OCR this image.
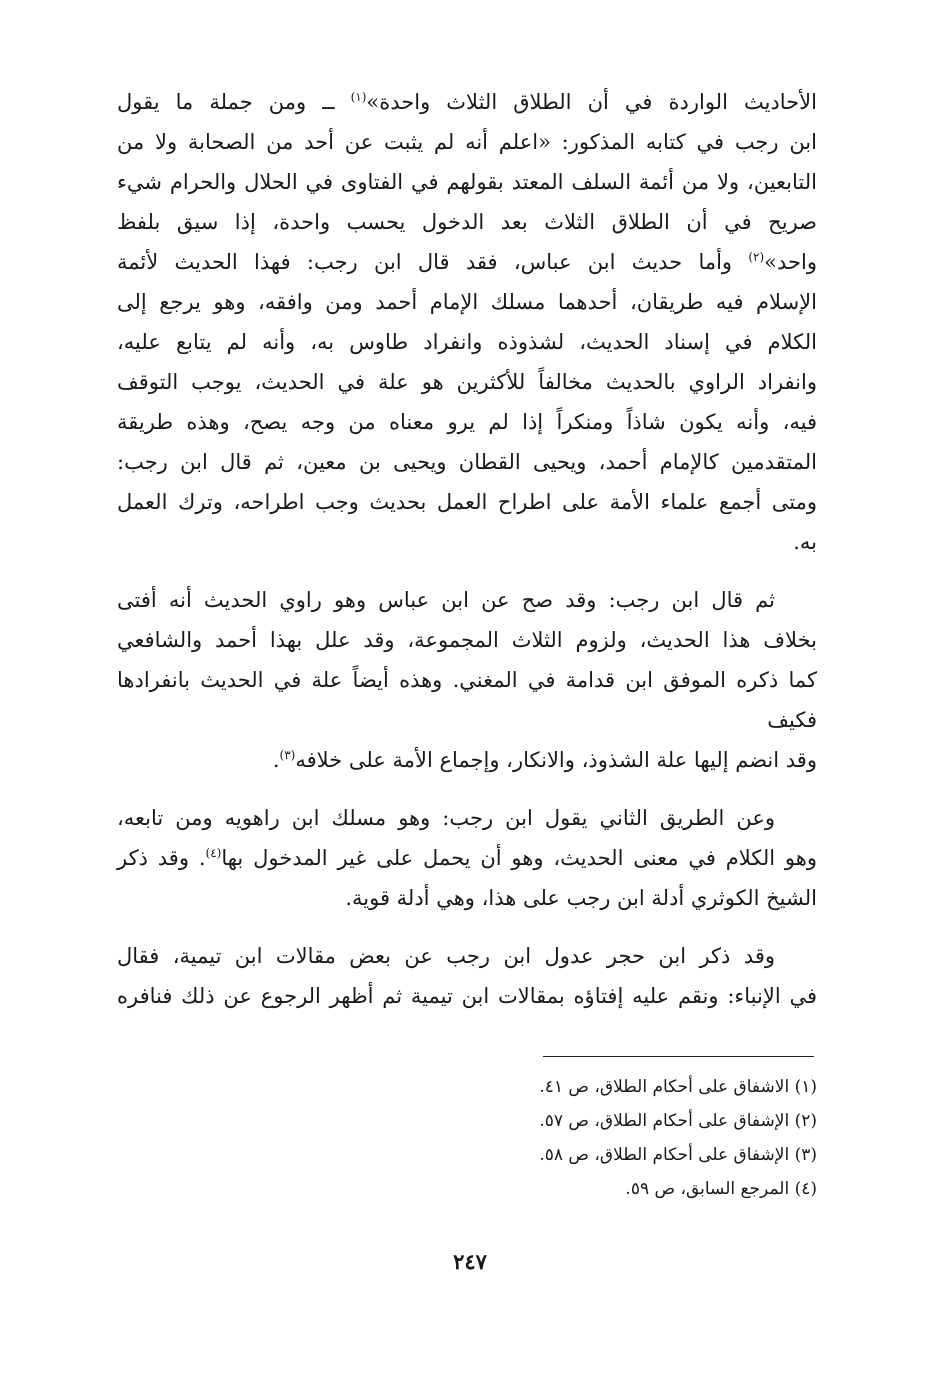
الأحاديث الواردة في أن الطلاق الثلاث واحدة»$^{(١)}$ ــ ومن جملة ما يقول
ابن رجب في كتابه المذكور: «اعلم أنه لم يثبت عن أحد من الصحابة ولا من
التابعين، ولا من أئمة السلف المعتد بقولهم في الفتاوى في الحلال والحرام شيء
صريح في أن الطلاق الثلاث بعد الدخول يحسب واحدة، إذا سيق بلفظ
واحد»$^{(٢)}$ وأما حديث ابن عباس، فقد قال ابن رجب: فهذا الحديث لأئمة
الإسلام فيه طريقان، أحدهما مسلك الإمام أحمد ومن وافقه، وهو يرجع إلى
الكلام في إسناد الحديث، لشذوذه وانفراد طاوس به، وأنه لم يتابع عليه،
وانفراد الراوي بالحديث مخالفاً للأكثرين هو علة في الحديث، يوجب التوقف
فيه، وأنه يكون شاذاً ومنكراً إذا لم يرو معناه من وجه يصح، وهذه طريقة
المتقدمين كالإمام أحمد، ويحيى القطان ويحيى بن معين، ثم قال ابن رجب:
ومتى أجمع علماء الأمة على اطراح العمل بحديث وجب اطراحه، وترك العمل
به.

ثم قال ابن رجب: وقد صح عن ابن عباس وهو راوي الحديث أنه أفتى
بخلاف هذا الحديث، ولزوم الثلاث المجموعة، وقد علل بهذا أحمد والشافعي
كما ذكره الموفق ابن قدامة في المغني. وهذه أيضاً علة في الحديث بانفرادها فكيف
وقد انضم إليها علة الشذوذ، والانكار، وإجماع الأمة على خلافه$^{(٣)}$.

وعن الطريق الثاني يقول ابن رجب: وهو مسلك ابن راهويه ومن تابعه،
وهو الكلام في معنى الحديث، وهو أن يحمل على غير المدخول بها$^{(٤)}$. وقد ذكر
الشيخ الكوثري أدلة ابن رجب على هذا، وهي أدلة قوية.

وقد ذكر ابن حجر عدول ابن رجب عن بعض مقالات ابن تيمية، فقال
في الإنباء: ونقم عليه إفتاؤه بمقالات ابن تيمية ثم أظهر الرجوع عن ذلك فنافره

(١) الاشفاق على أحكام الطلاق، ص ٤١.
(٢) الإشفاق على أحكام الطلاق، ص ٥٧.
(٣) الإشفاق على أحكام الطلاق، ص ٥٨.
(٤) المرجع السابق، ص ٥٩.
٢٤٧
